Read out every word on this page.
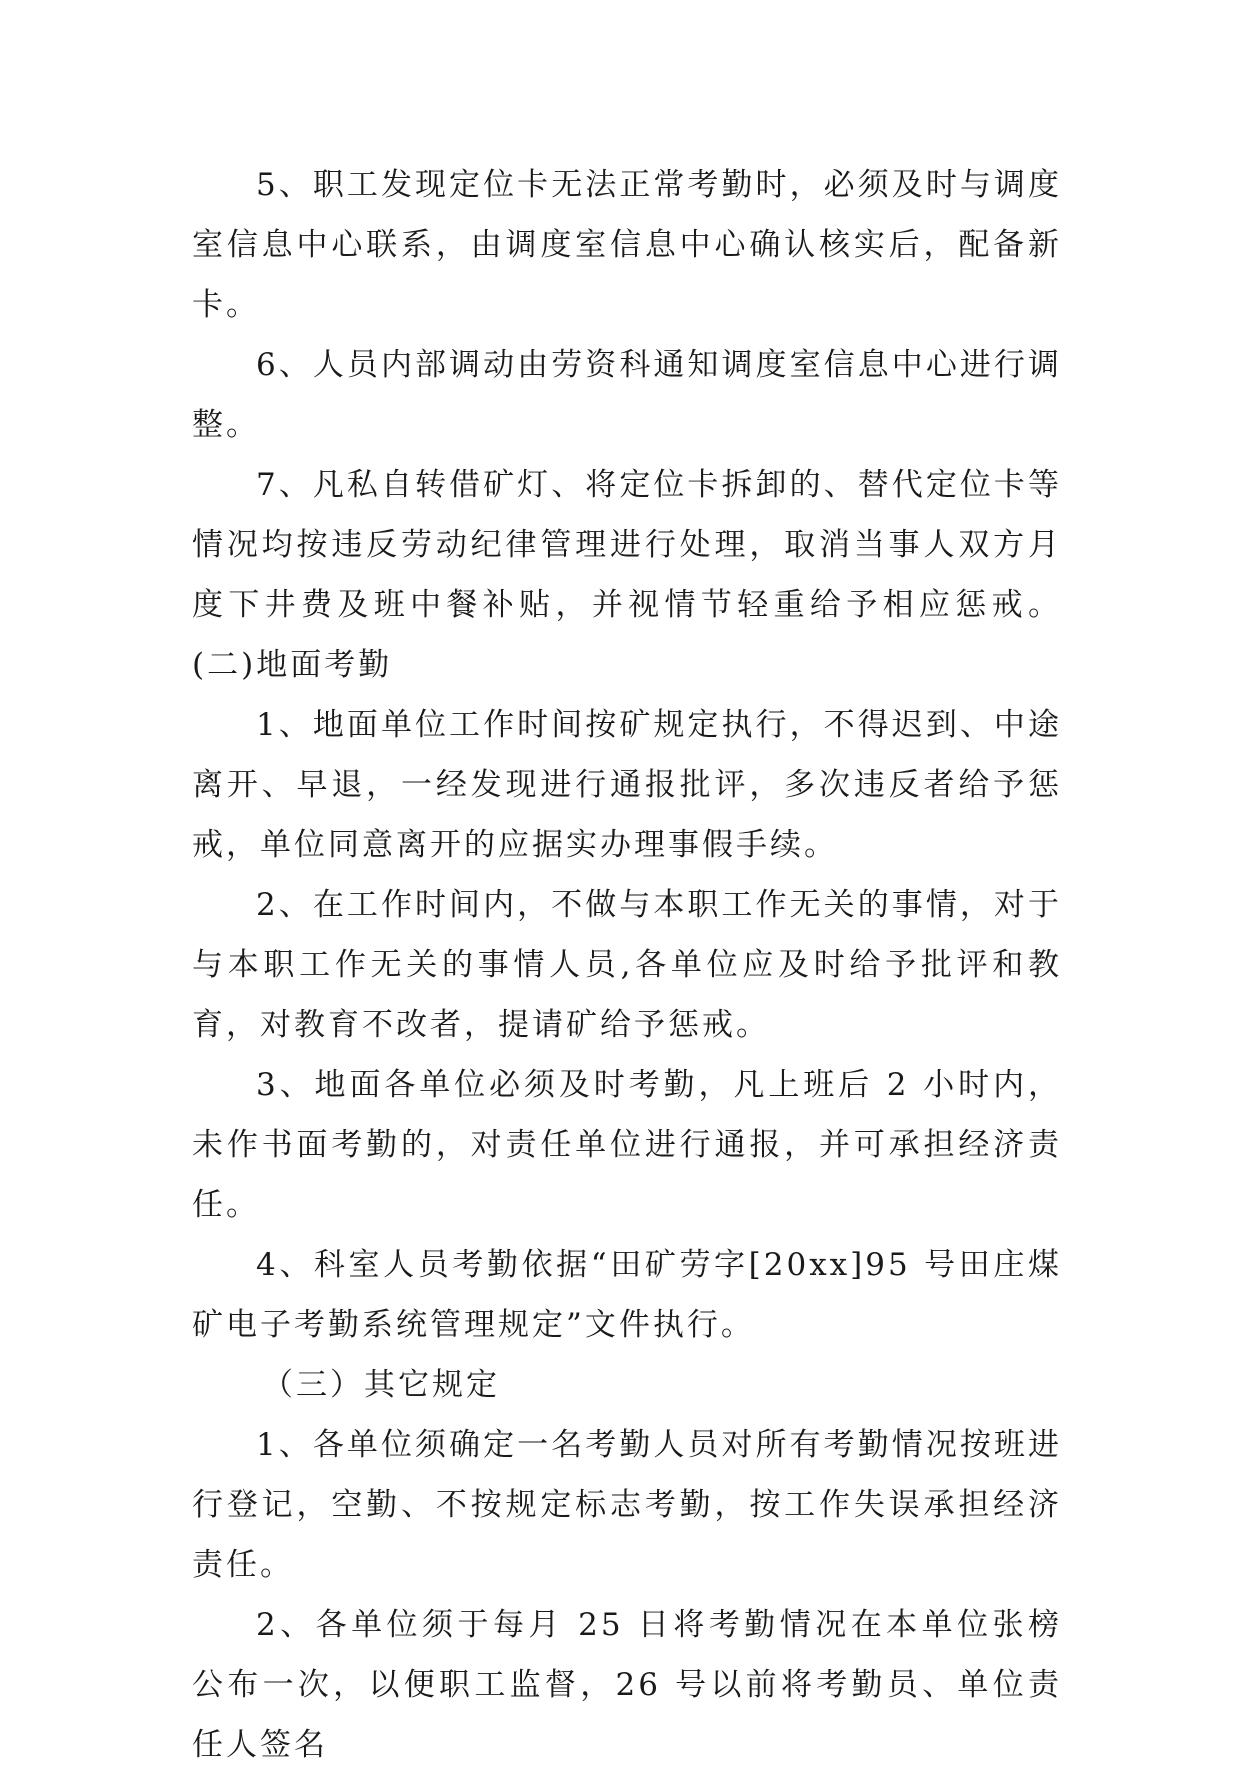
5、职工发现定位卡无法正常考勤时，必须及时与调度室信息中心联系，由调度室信息中心确认核实后，配备新卡。

6、人员内部调动由劳资科通知调度室信息中心进行调整。

7、凡私自转借矿灯、将定位卡拆卸的、替代定位卡等情况均按违反劳动纪律管理进行处理，取消当事人双方月度下井费及班中餐补贴，并视情节轻重给予相应惩戒。(二)地面考勤

1、地面单位工作时间按矿规定执行，不得迟到、中途离开、早退，一经发现进行通报批评，多次违反者给予惩戒，单位同意离开的应据实办理事假手续。

2、在工作时间内，不做与本职工作无关的事情，对于与本职工作无关的事情人员,各单位应及时给予批评和教育，对教育不改者，提请矿给予惩戒。

3、地面各单位必须及时考勤，凡上班后 2 小时内，未作书面考勤的，对责任单位进行通报，并可承担经济责任。

4、科室人员考勤依据“田矿劳字[20xx]95 号田庄煤矿电子考勤系统管理规定”文件执行。

（三）其它规定

1、各单位须确定一名考勤人员对所有考勤情况按班进行登记，空勤、不按规定标志考勤，按工作失误承担经济责任。

2、各单位须于每月 25 日将考勤情况在本单位张榜公布一次，以便职工监督，26 号以前将考勤员、单位责任人签名
